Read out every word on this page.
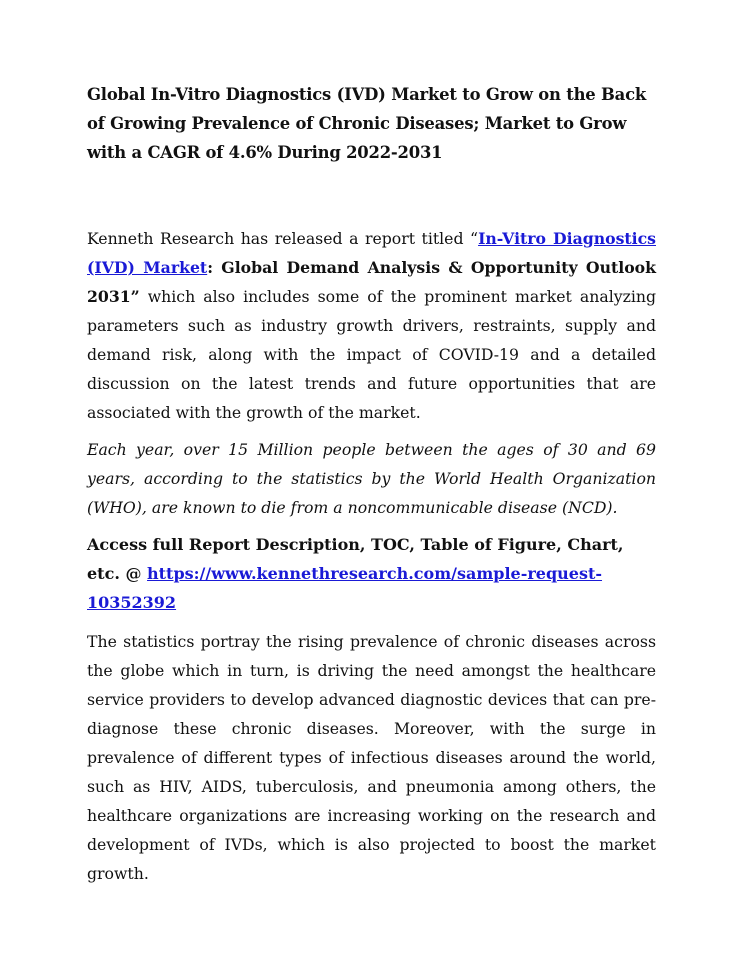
Global In-Vitro Diagnostics (IVD) Market to Grow on the Back of Growing Prevalence of Chronic Diseases; Market to Grow with a CAGR of 4.6% During 2022-2031

Kenneth Research has released a report titled “In-Vitro Diagnostics (IVD) Market: Global Demand Analysis & Opportunity Outlook 2031” which also includes some of the prominent market analyzing parameters such as industry growth drivers, restraints, supply and demand risk, along with the impact of COVID-19 and a detailed discussion on the latest trends and future opportunities that are associated with the growth of the market.

Each year, over 15 Million people between the ages of 30 and 69 years, according to the statistics by the World Health Organization (WHO), are known to die from a noncommunicable disease (NCD).

Access full Report Description, TOC, Table of Figure, Chart, etc. @ https://www.kennethresearch.com/sample-request-10352392

The statistics portray the rising prevalence of chronic diseases across the globe which in turn, is driving the need amongst the healthcare service providers to develop advanced diagnostic devices that can pre-diagnose these chronic diseases. Moreover, with the surge in prevalence of different types of infectious diseases around the world, such as HIV, AIDS, tuberculosis, and pneumonia among others, the healthcare organizations are increasing working on the research and development of IVDs, which is also projected to boost the market growth.
